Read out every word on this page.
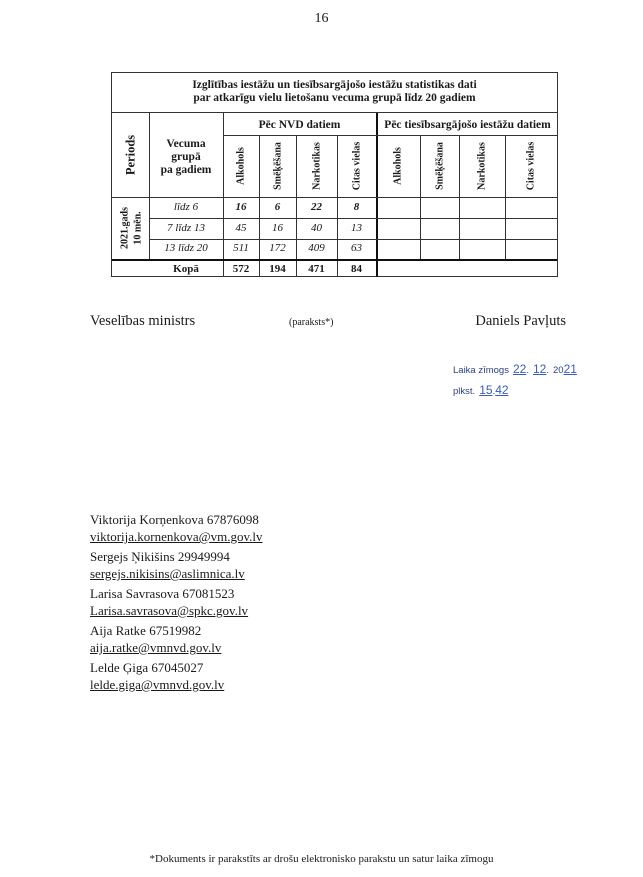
16
Izglītības iestāžu un tiesībsargājošo iestāžu statistikas dati
par atkarīgu vielu lietošanu vecuma grupā līdz 20 gadiem
Periods	Vecuma
grupā
pa gadiem
Pēc NVD datiem	Pēc tiesībsargājošo iestāžu datiem
Alkohols	Smēķēšana	Narkotikas	Citas vielas	Alkohols	Smēķēšana	Narkotikas	Citas vielas
2021.gads 10 mēn.
līdz 6	16	6	22	8
7 līdz 13	45	16	40	13
13 līdz 20	511	172	409	63
Kopā	572	194	471	84
Veselības ministrs	(paraksts*)	Daniels Pavļuts
Laika zīmogs 22. 12. 2021
plkst. 15.42
Viktorija Korņenkova 67876098
viktorija.kornenkova@vm.gov.lv
Sergejs Ņikišins 29949994
sergejs.nikisins@aslimnica.lv
Larisa Savrasova 67081523
Larisa.savrasova@spkc.gov.lv
Aija Ratke 67519982
aija.ratke@vmnvd.gov.lv
Lelde Ģiga 67045027
lelde.giga@vmnvd.gov.lv
*Dokuments ir parakstīts ar drošu elektronisko parakstu un satur laika zīmogu
